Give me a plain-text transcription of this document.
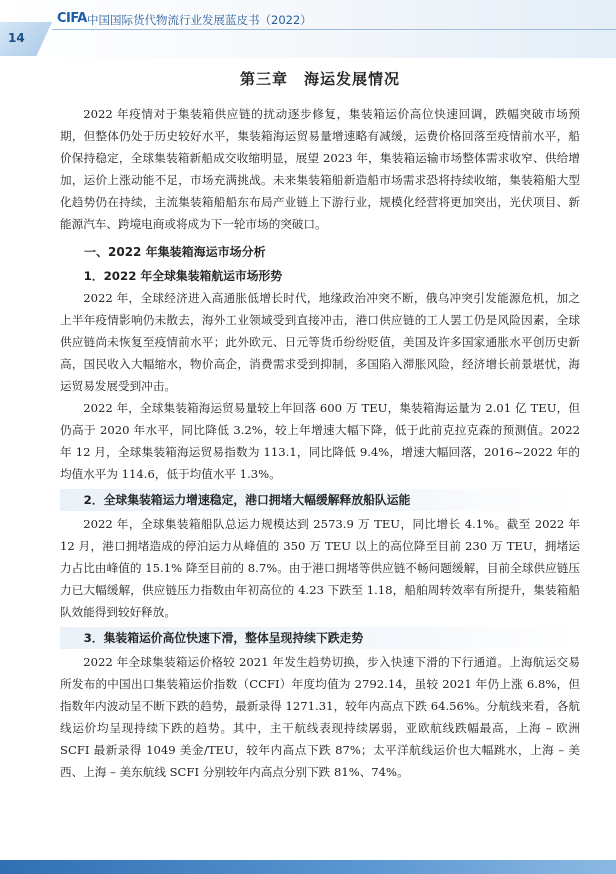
14
CIFA 中国国际货代物流行业发展蓝皮书（2022）
第三章　海运发展情况

2022 年疫情对于集装箱供应链的扰动逐步修复，集装箱运价高位快速回调，跌幅突破市场预期，但整体仍处于历史较好水平，集装箱海运贸易量增速略有减缓，运费价格回落至疫情前水平，船价保持稳定，全球集装箱新船成交收缩明显，展望 2023 年，集装箱运输市场整体需求收窄、供给增加，运价上涨动能不足，市场充满挑战。未来集装箱船新造船市场需求恐将持续收缩，集装箱船大型化趋势仍在持续，主流集装箱船船东布局产业链上下游行业，规模化经营将更加突出，光伏项目、新能源汽车、跨境电商或将成为下一轮市场的突破口。

一、2022 年集装箱海运市场分析
1．2022 年全球集装箱航运市场形势

2022 年，全球经济进入高通胀低增长时代，地缘政治冲突不断，俄乌冲突引发能源危机，加之上半年疫情影响仍未散去，海外工业领域受到直接冲击，港口供应链的工人罢工仍是风险因素，全球供应链尚未恢复至疫情前水平；此外欧元、日元等货币纷纷贬值，美国及许多国家通胀水平创历史新高，国民收入大幅缩水，物价高企，消费需求受到抑制，多国陷入滞胀风险，经济增长前景堪忧，海运贸易发展受到冲击。

2022 年，全球集装箱海运贸易量较上年回落 600 万 TEU，集装箱海运量为 2.01 亿 TEU，但仍高于 2020 年水平，同比降低 3.2%，较上年增速大幅下降，低于此前克拉克森的预测值。2022 年 12 月，全球集装箱海运贸易指数为 113.1，同比降低 9.4%，增速大幅回落，2016~2022 年的均值水平为 114.6，低于均值水平 1.3%。

2．全球集装箱运力增速稳定，港口拥堵大幅缓解释放船队运能

2022 年，全球集装箱船队总运力规模达到 2573.9 万 TEU，同比增长 4.1%。截至 2022 年 12 月，港口拥堵造成的停泊运力从峰值的 350 万 TEU 以上的高位降至目前 230 万 TEU，拥堵运力占比由峰值的 15.1% 降至目前的 8.7%。由于港口拥堵等供应链不畅问题缓解，目前全球供应链压力已大幅缓解，供应链压力指数由年初高位的 4.23 下跌至 1.18，船舶周转效率有所提升，集装箱船队效能得到较好释放。

3．集装箱运价高位快速下滑，整体呈现持续下跌走势

2022 年全球集装箱运价格较 2021 年发生趋势切换，步入快速下滑的下行通道。上海航运交易所发布的中国出口集装箱运价指数（CCFI）年度均值为 2792.14，虽较 2021 年仍上涨 6.8%，但指数年内波动呈不断下跌的趋势，最新录得 1271.31，较年内高点下跌 64.56%。分航线来看，各航线运价均呈现持续下跌的趋势。其中，主干航线表现持续孱弱，亚欧航线跌幅最高，上海 – 欧洲 SCFI 最新录得 1049 美金/TEU，较年内高点下跌 87%；太平洋航线运价也大幅跳水，上海 – 美西、上海 – 美东航线 SCFI 分别较年内高点分别下跌 81%、74%。
